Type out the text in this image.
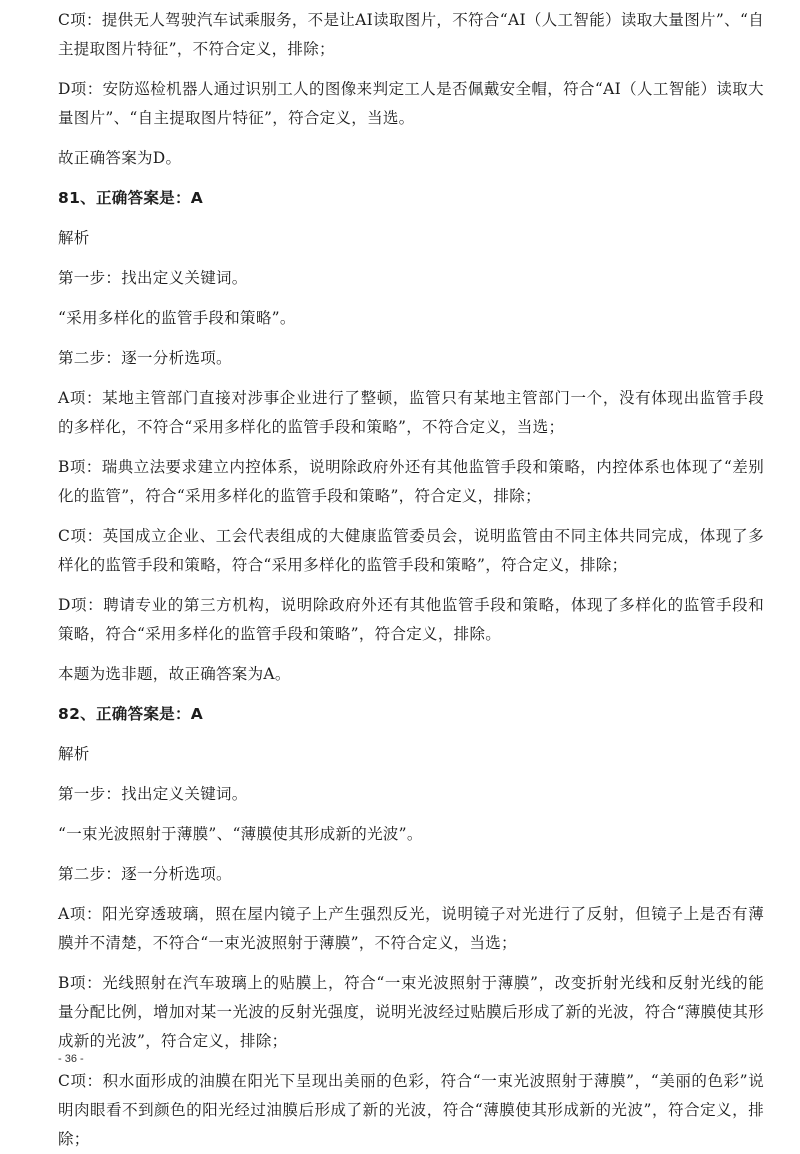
C项：提供无人驾驶汽车试乘服务，不是让AI读取图片，不符合“AI（人工智能）读取大量图片”、“自主提取图片特征”，不符合定义，排除；

D项：安防巡检机器人通过识别工人的图像来判定工人是否佩戴安全帽，符合“AI（人工智能）读取大量图片”、“自主提取图片特征”，符合定义，当选。

故正确答案为D。

81、正确答案是：A

解析

第一步：找出定义关键词。

“采用多样化的监管手段和策略”。

第二步：逐一分析选项。

A项：某地主管部门直接对涉事企业进行了整顿，监管只有某地主管部门一个，没有体现出监管手段的多样化，不符合“采用多样化的监管手段和策略”，不符合定义，当选；

B项：瑞典立法要求建立内控体系，说明除政府外还有其他监管手段和策略，内控体系也体现了“差别化的监管”，符合“采用多样化的监管手段和策略”，符合定义，排除；

C项：英国成立企业、工会代表组成的大健康监管委员会，说明监管由不同主体共同完成，体现了多样化的监管手段和策略，符合“采用多样化的监管手段和策略”，符合定义，排除；

D项：聘请专业的第三方机构，说明除政府外还有其他监管手段和策略，体现了多样化的监管手段和策略，符合“采用多样化的监管手段和策略”，符合定义，排除。

本题为选非题，故正确答案为A。

82、正确答案是：A

解析

第一步：找出定义关键词。

“一束光波照射于薄膜”、“薄膜使其形成新的光波”。

第二步：逐一分析选项。

A项：阳光穿透玻璃，照在屋内镜子上产生强烈反光，说明镜子对光进行了反射，但镜子上是否有薄膜并不清楚，不符合“一束光波照射于薄膜”，不符合定义，当选；

B项：光线照射在汽车玻璃上的贴膜上，符合“一束光波照射于薄膜”，改变折射光线和反射光线的能量分配比例，增加对某一光波的反射光强度，说明光波经过贴膜后形成了新的光波，符合“薄膜使其形成新的光波”，符合定义，排除；

C项：积水面形成的油膜在阳光下呈现出美丽的色彩，符合“一束光波照射于薄膜”，“美丽的色彩”说明肉眼看不到颜色的阳光经过油膜后形成了新的光波，符合“薄膜使其形成新的光波”，符合定义，排除；

- 36 -
